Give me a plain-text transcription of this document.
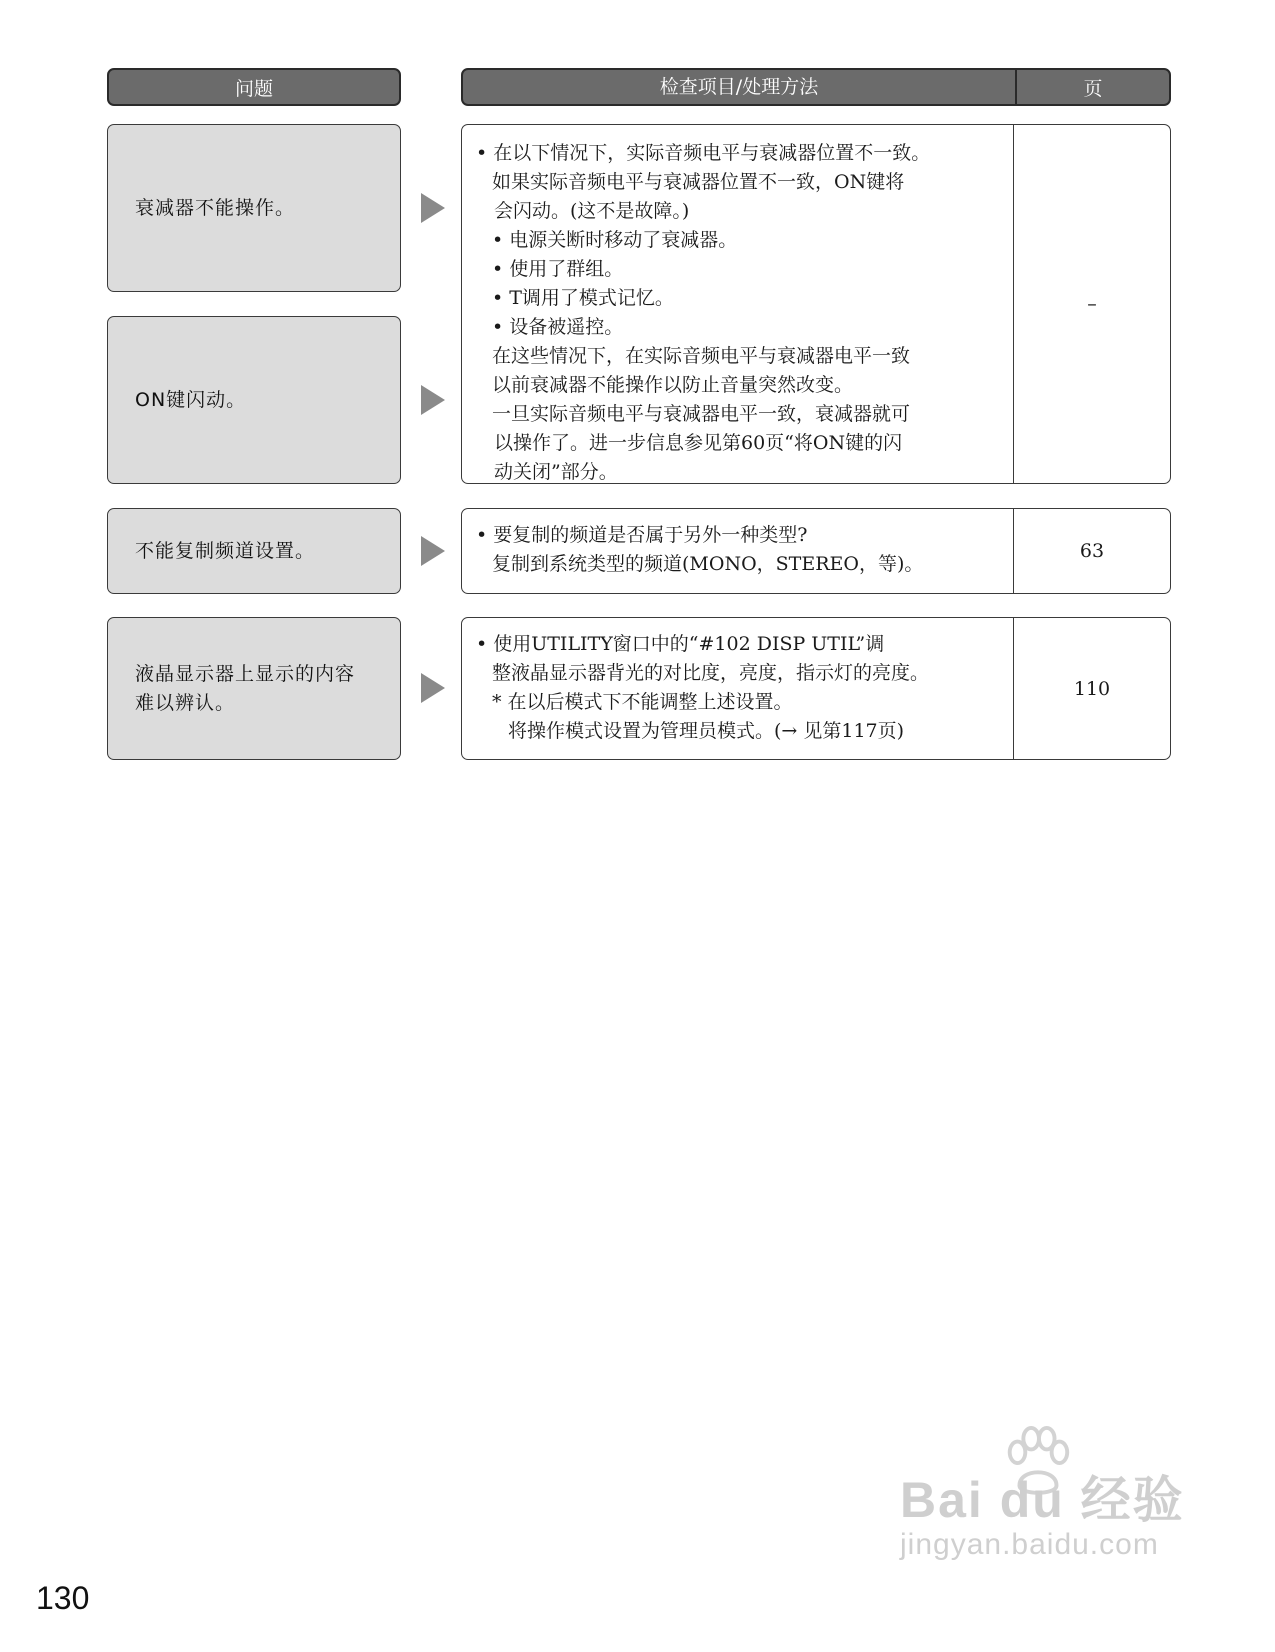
问题	检查项目/处理方法	页
衰减器不能操作。
ON键闪动。
• 在以下情况下，实际音频电平与衰减器位置不一致。
如果实际音频电平与衰减器位置不一致，ON键将
会闪动。(这不是故障。)
• 电源关断时移动了衰减器。
• 使用了群组。
• T调用了模式记忆。
• 设备被遥控。
在这些情况下，在实际音频电平与衰减器电平一致
以前衰减器不能操作以防止音量突然改变。
一旦实际音频电平与衰减器电平一致，衰减器就可
以操作了。进一步信息参见第60页“将ON键的闪
动关闭”部分。
–
不能复制频道设置。
• 要复制的频道是否属于另外一种类型?
复制到系统类型的频道(MONO，STEREO，等)。
63
液晶显示器上显示的内容
难以辨认。
• 使用UTILITY窗口中的“#102 DISP UTIL”调
整液晶显示器背光的对比度，亮度，指示灯的亮度。
* 在以后模式下不能调整上述设置。
将操作模式设置为管理员模式。(→ 见第117页)
110
130
Bai du 经验
jingyan.baidu.com
